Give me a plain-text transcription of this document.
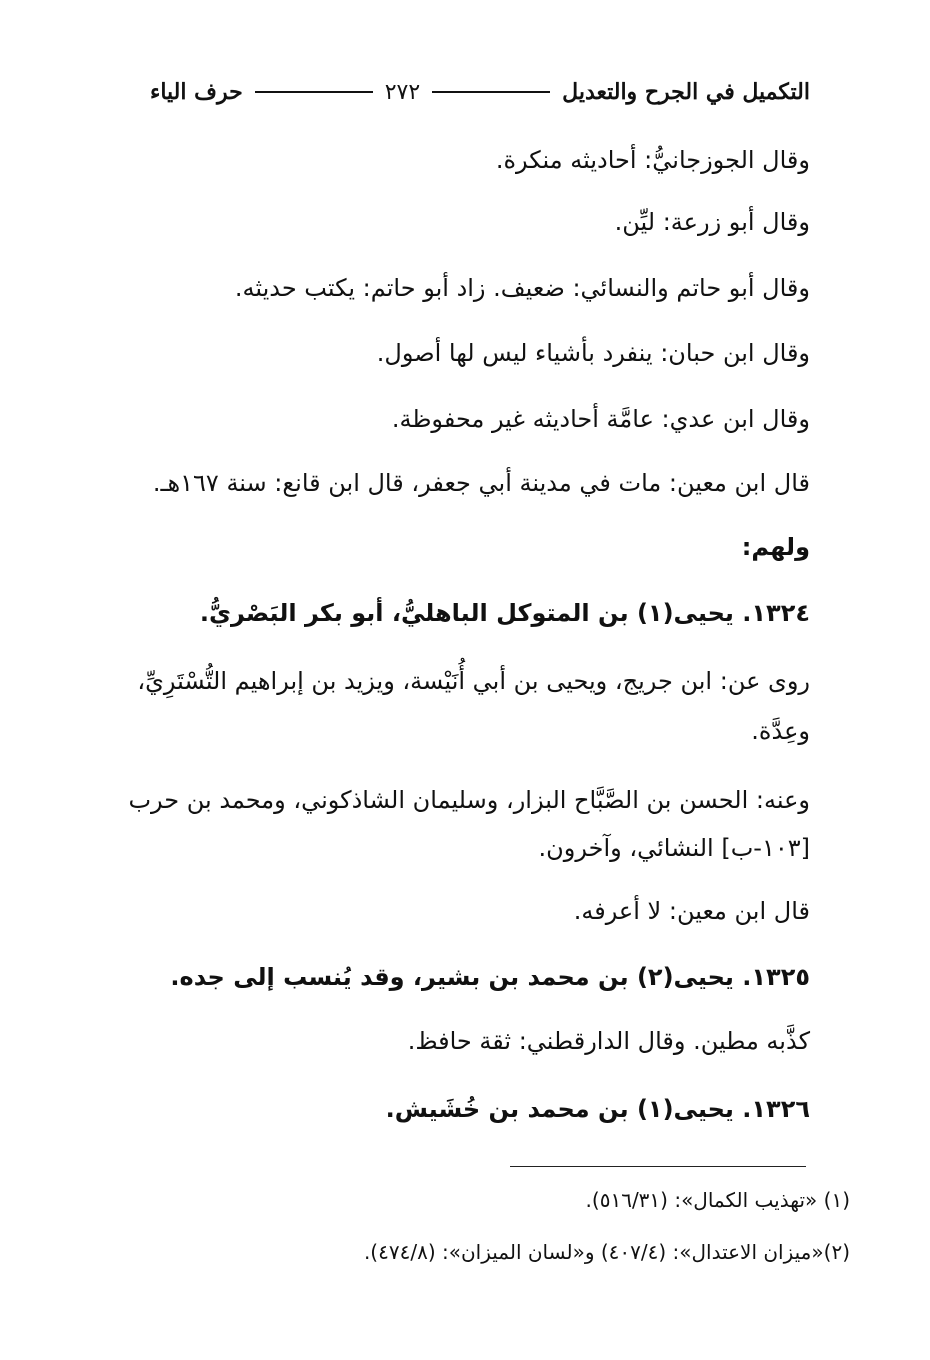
التكميل في الجرح والتعديل
٢٧٢
حرف الياء
وقال الجوزجانيُّ: أحاديثه منكرة.
وقال أبو زرعة: ليِّن.
وقال أبو حاتم والنسائي: ضعيف. زاد أبو حاتم: يكتب حديثه.
وقال ابن حبان: ينفرد بأشياء ليس لها أصول.
وقال ابن عدي: عامَّة أحاديثه غير محفوظة.
قال ابن معين: مات في مدينة أبي جعفر، قال ابن قانع: سنة ١٦٧هـ.
ولهم:
١٣٢٤. يحيى(١) بن المتوكل الباهليُّ، أبو بكر البَصْريُّ.
روى عن: ابن جريج، ويحيى بن أبي أُنَيْسة، ويزيد بن إبراهيم التُّسْتَرِيِّ،
وعِدَّة.
وعنه: الحسن بن الصَّبَّاح البزار، وسليمان الشاذكوني، ومحمد بن حرب
[١٠٣-ب] النشائي، وآخرون.
قال ابن معين: لا أعرفه.
١٣٢٥. يحيى(٢) بن محمد بن بشير، وقد يُنسب إلى جده.
كذَّبه مطين. وقال الدارقطني: ثقة حافظ.
١٣٢٦. يحيى(١) بن محمد بن خُشَيش.
(١) «تهذيب الكمال»: (٥١٦/٣١).
(٢)«ميزان الاعتدال»: (٤٠٧/٤) و«لسان الميزان»: (٤٧٤/٨).
